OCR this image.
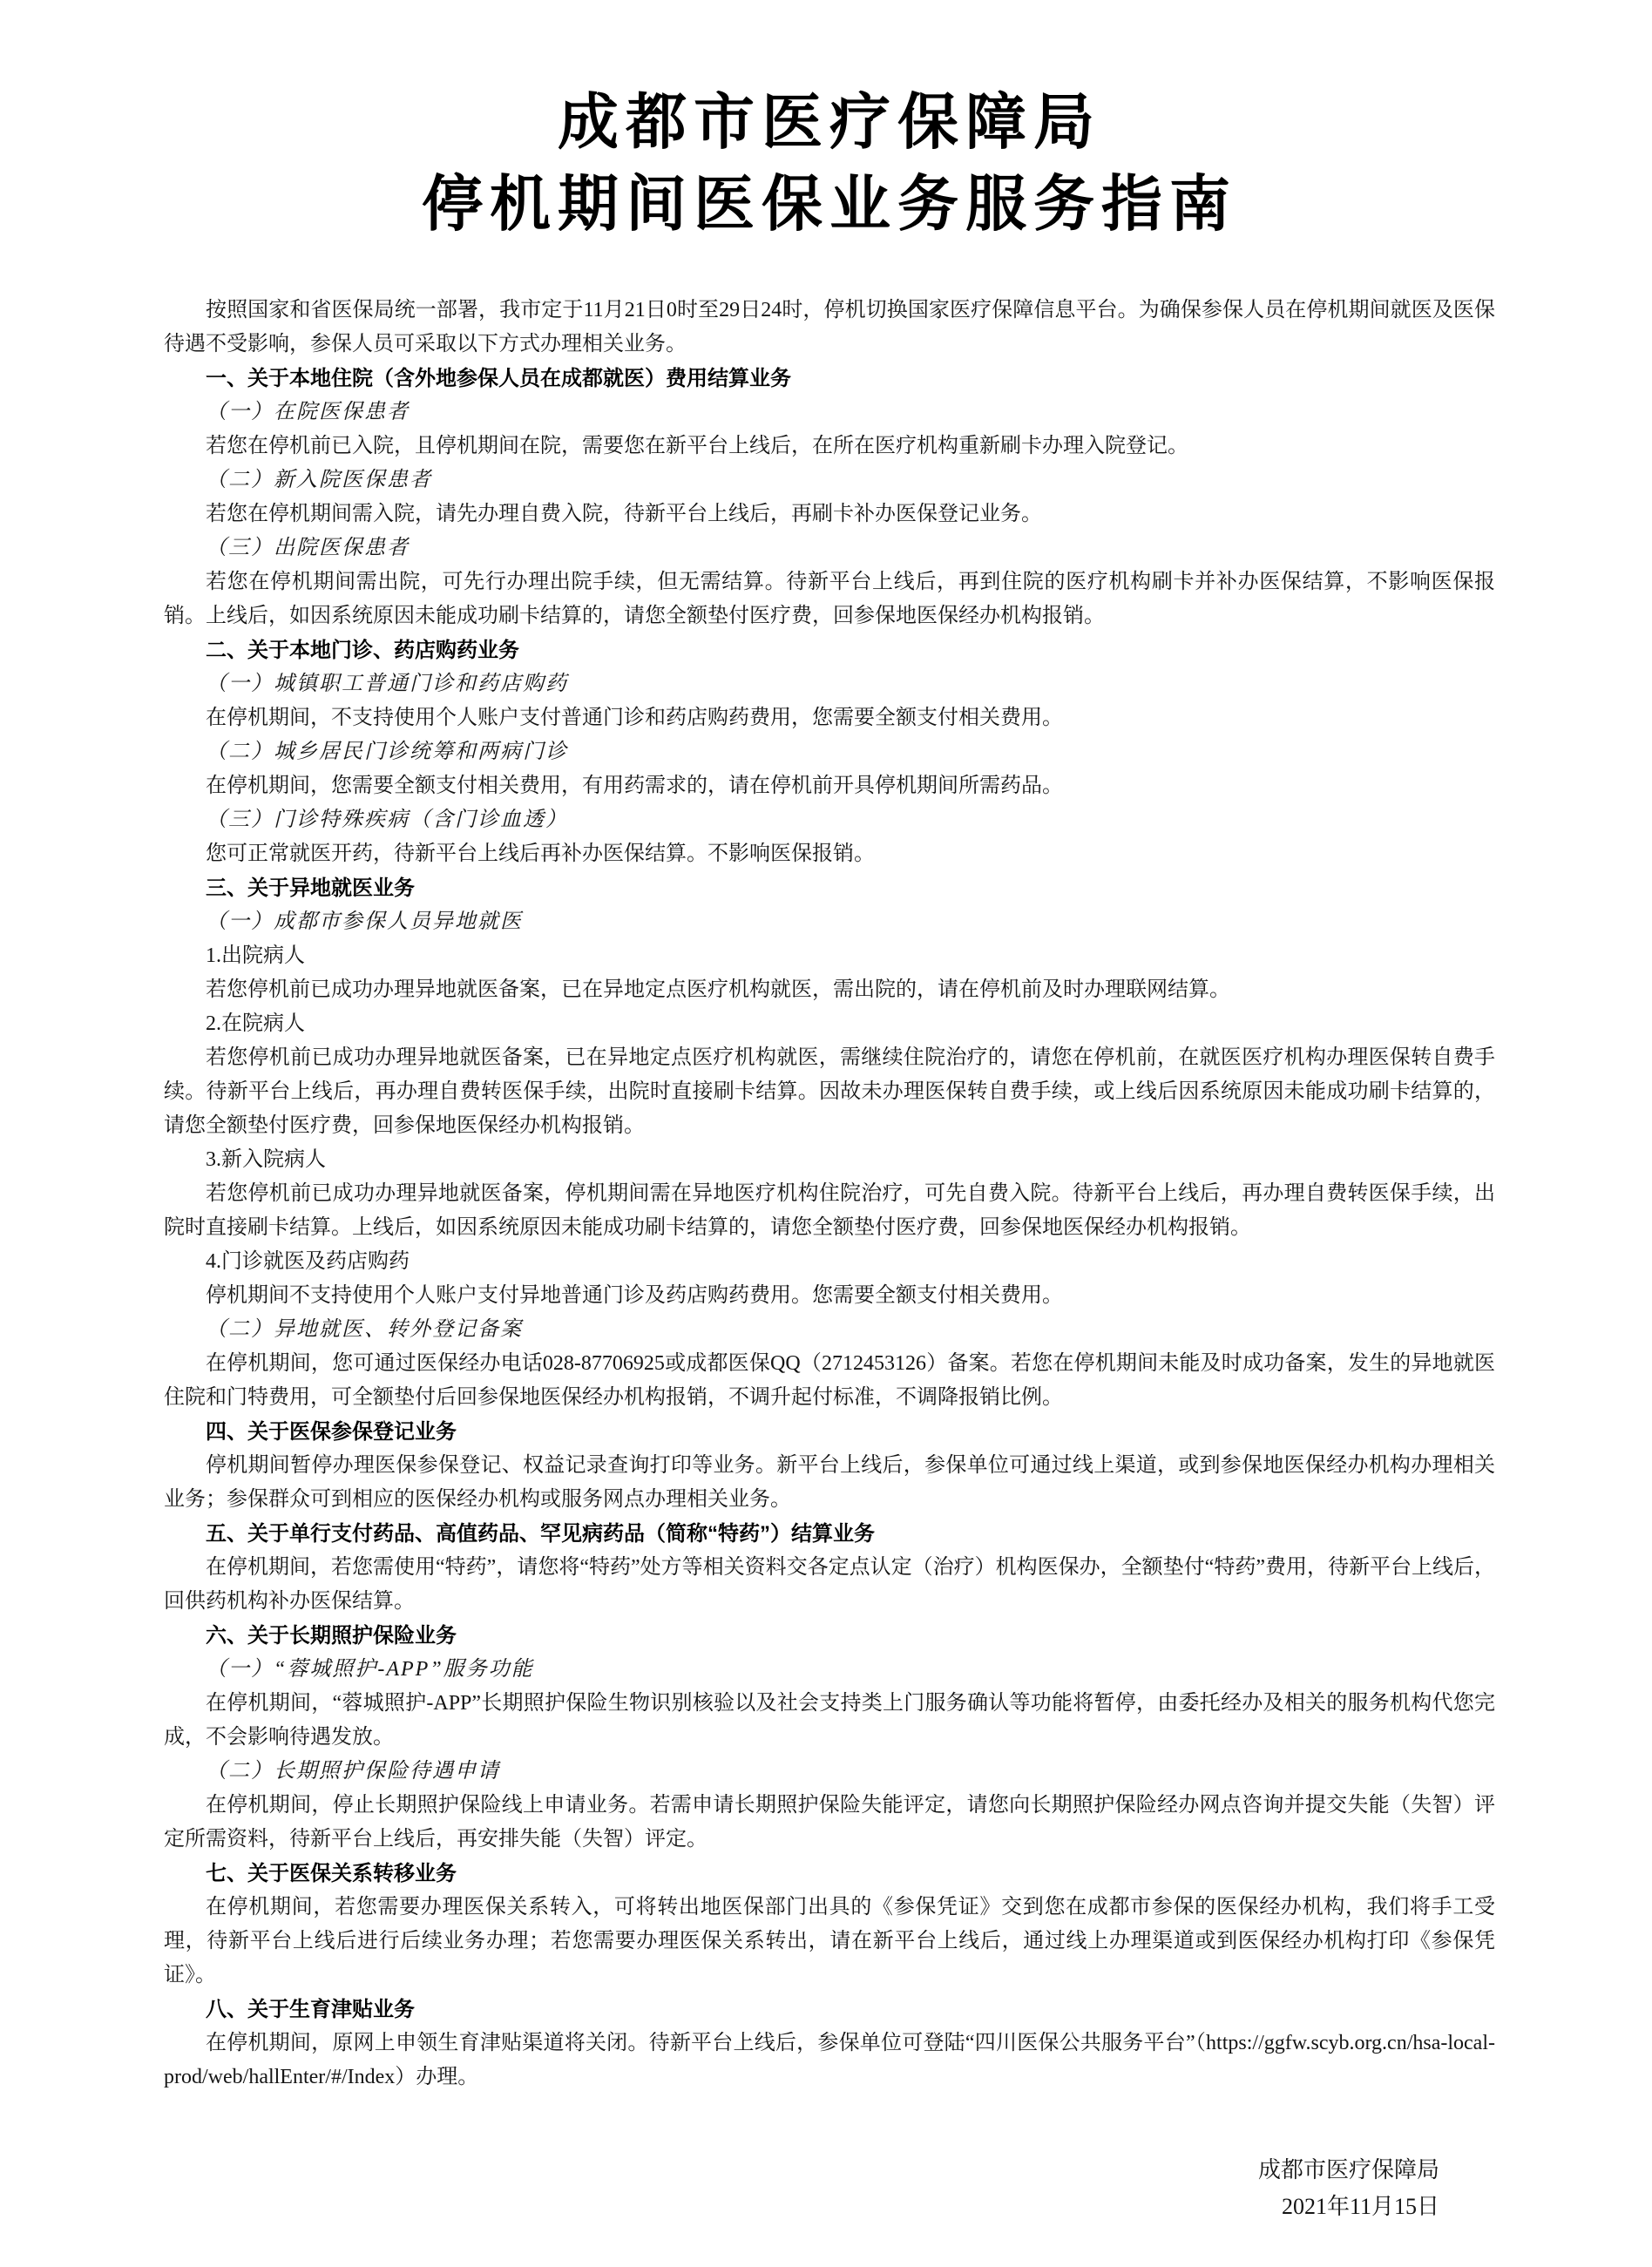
成都市医疗保障局
停机期间医保业务服务指南

按照国家和省医保局统一部署，我市定于11月21日0时至29日24时，停机切换国家医疗保障信息平台。为确保参保人员在停机期间就医及医保待遇不受影响，参保人员可采取以下方式办理相关业务。

一、关于本地住院（含外地参保人员在成都就医）费用结算业务

（一）在院医保患者

若您在停机前已入院，且停机期间在院，需要您在新平台上线后，在所在医疗机构重新刷卡办理入院登记。

（二）新入院医保患者

若您在停机期间需入院，请先办理自费入院，待新平台上线后，再刷卡补办医保登记业务。

（三）出院医保患者

若您在停机期间需出院，可先行办理出院手续，但无需结算。待新平台上线后，再到住院的医疗机构刷卡并补办医保结算，不影响医保报销。上线后，如因系统原因未能成功刷卡结算的，请您全额垫付医疗费，回参保地医保经办机构报销。

二、关于本地门诊、药店购药业务

（一）城镇职工普通门诊和药店购药

在停机期间，不支持使用个人账户支付普通门诊和药店购药费用，您需要全额支付相关费用。

（二）城乡居民门诊统筹和两病门诊

在停机期间，您需要全额支付相关费用，有用药需求的，请在停机前开具停机期间所需药品。

（三）门诊特殊疾病（含门诊血透）

您可正常就医开药，待新平台上线后再补办医保结算。不影响医保报销。

三、关于异地就医业务

（一）成都市参保人员异地就医

1.出院病人

若您停机前已成功办理异地就医备案，已在异地定点医疗机构就医，需出院的，请在停机前及时办理联网结算。

2.在院病人

若您停机前已成功办理异地就医备案，已在异地定点医疗机构就医，需继续住院治疗的，请您在停机前，在就医医疗机构办理医保转自费手续。待新平台上线后，再办理自费转医保手续，出院时直接刷卡结算。因故未办理医保转自费手续，或上线后因系统原因未能成功刷卡结算的，请您全额垫付医疗费，回参保地医保经办机构报销。

3.新入院病人

若您停机前已成功办理异地就医备案，停机期间需在异地医疗机构住院治疗，可先自费入院。待新平台上线后，再办理自费转医保手续，出院时直接刷卡结算。上线后，如因系统原因未能成功刷卡结算的，请您全额垫付医疗费，回参保地医保经办机构报销。

4.门诊就医及药店购药

停机期间不支持使用个人账户支付异地普通门诊及药店购药费用。您需要全额支付相关费用。

（二）异地就医、转外登记备案

在停机期间，您可通过医保经办电话028-87706925或成都医保QQ（2712453126）备案。若您在停机期间未能及时成功备案，发生的异地就医住院和门特费用，可全额垫付后回参保地医保经办机构报销，不调升起付标准，不调降报销比例。

四、关于医保参保登记业务

停机期间暂停办理医保参保登记、权益记录查询打印等业务。新平台上线后，参保单位可通过线上渠道，或到参保地医保经办机构办理相关业务；参保群众可到相应的医保经办机构或服务网点办理相关业务。

五、关于单行支付药品、高值药品、罕见病药品（简称“特药”）结算业务

在停机期间，若您需使用“特药”，请您将“特药”处方等相关资料交各定点认定（治疗）机构医保办，全额垫付“特药”费用，待新平台上线后，回供药机构补办医保结算。

六、关于长期照护保险业务

（一）“蓉城照护-APP”服务功能

在停机期间，“蓉城照护-APP”长期照护保险生物识别核验以及社会支持类上门服务确认等功能将暂停，由委托经办及相关的服务机构代您完成，不会影响待遇发放。

（二）长期照护保险待遇申请

在停机期间，停止长期照护保险线上申请业务。若需申请长期照护保险失能评定，请您向长期照护保险经办网点咨询并提交失能（失智）评定所需资料，待新平台上线后，再安排失能（失智）评定。

七、关于医保关系转移业务

在停机期间，若您需要办理医保关系转入，可将转出地医保部门出具的《参保凭证》交到您在成都市参保的医保经办机构，我们将手工受理，待新平台上线后进行后续业务办理；若您需要办理医保关系转出，请在新平台上线后，通过线上办理渠道或到医保经办机构打印《参保凭证》。

八、关于生育津贴业务

在停机期间，原网上申领生育津贴渠道将关闭。待新平台上线后，参保单位可登陆“四川医保公共服务平台”（https://ggfw.scyb.org.cn/hsa-local-prod/web/hallEnter/#/Index）办理。

成都市医疗保障局
2021年11月15日
